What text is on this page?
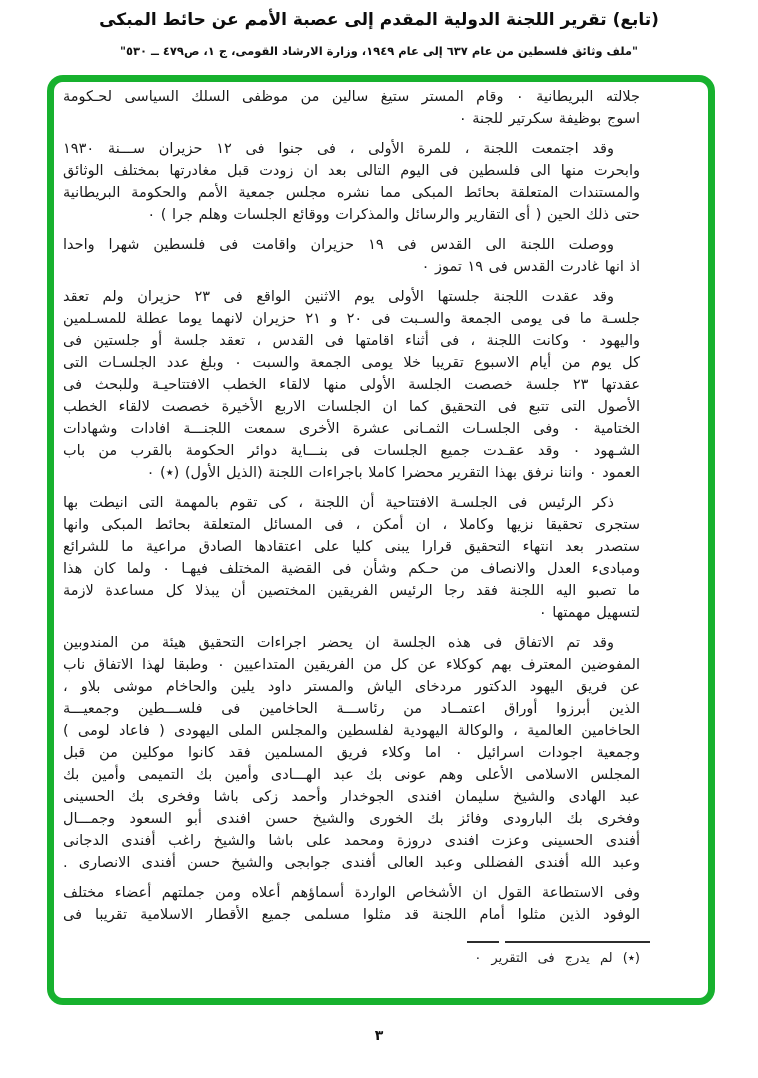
(تابع) تقرير اللجنة الدولية المقدم إلى عصبة الأمم عن حائط المبكى
"ملف وثائق فلسطين من عام ٦٣٧ إلى عام ١٩٤٩، وزارة الارشاد القومى، ج ١، ص٤٧٩ ــ ٥٣٠"
جلالته البريطانية ٠ وقام المستر ستيغ سالين من موظفى السلك السياسى لحـكومة
اسوج بوظيفة سكرتير للجنة ٠
وقد اجتمعت اللجنة ، للمرة الأولى ، فى جنوا فى ١٢ حزيران ســـنة ١٩٣٠
وابحرت منها الى فلسطين فى اليوم التالى بعد ان زودت قبل مغادرتها بمختلف الوثائق
والمستندات المتعلقة بحائط المبكى مما نشره مجلس جمعية الأمم والحكومة البريطانية
حتى ذلك الحين ( أى التقارير والرسائل والمذكرات ووقائع الجلسات وهلم جرا ) ٠
ووصلت اللجنة الى القدس فى ١٩ حزيران واقامت فى فلسطين شهرا واحدا
اذ انها غادرت القدس فى ١٩ تموز ٠
وقد عقدت اللجنة جلستها الأولى يوم الاثنين الواقع فى ٢٣ حزيران ولم تعقد
جلسـة ما فى يومى الجمعة والسـبت فى ٢٠ و ٢١ حزيران لانهما يوما عطلة للمسـلمين
واليهود ٠ وكانت اللجنة ، فى أثناء اقامتها فى القدس ، تعقد جلسة أو جلستين فى
كل يوم من أيام الاسبوع تقريبا خلا يومى الجمعة والسبت ٠ وبلغ عدد الجلسـات التى
عقدتها ٢٣ جلسة خصصت الجلسة الأولى منها لالقاء الخطب الافتتاحيـة وللبحث فى
الأصول التى تتبع فى التحقيق كما ان الجلسات الاربع الأخيرة خصصت لالقاء الخطب
الختامية ٠ وفى الجلسـات الثمـانى عشرة الأخرى سمعت اللجنـــة افادات وشهادات
الشـهود ٠ وقد عقـدت جميع الجلسات فى بنـــاية دوائر الحكومة بالقرب من باب
العمود ٠ واننا نرفق بهذا التقرير محضرا كاملا باجراءات اللجنة (الذيل الأول) (٭) ٠
ذكر الرئيس فى الجلسـة الافتتاحية أن اللجنة ، كى تقوم بالمهمة التى انيطت بها
ستجرى تحقيقا نزيها وكاملا ، ان أمكن ، فى المسائل المتعلقة بحائط المبكى وانها
ستصدر بعد انتهاء التحقيق قرارا يبنى كليا على اعتقادها الصادق مراعية ما للشرائع
ومبادىء العدل والانصاف من حـكم وشأن فى القضية المختلف فيهـا ٠ ولما كان هذا
ما تصبو اليه اللجنة فقد رجا الرئيس الفريقين المختصين أن يبذلا كل مساعدة لازمة
لتسهيل مهمتها ٠
وقد تم الاتفاق فى هذه الجلسة ان يحضر اجراءات التحقيق هيئة من المندوبين
المفوضين المعترف بهم كوكلاء عن كل من الفريقين المتداعيين ٠ وطبقا لهذا الاتفاق ناب
عن فريق اليهود الدكتور مردخاى الياش والمستر داود يلين والحاخام موشى بلاو ،
الذين أبرزوا أوراق اعتمــاد من رئاســـة الحاخامين فى فلســـطين وجمعيـــة
الحاخامين العالمية ، والوكالة اليهودية لفلسطين والمجلس الملى اليهودى ( فاعاد لومى )
وجمعية اجودات اسرائيل ٠ اما وكلاء فريق المسلمين فقد كانوا موكلين من قبل
المجلس الاسلامى الأعلى وهم عونى بك عبد الهـــادى وأمين بك التميمى وأمين بك
عبد الهادى والشيخ سليمان افندى الجوخدار وأحمد زكى باشا وفخرى بك الحسينى
وفخرى بك البارودى وفائز بك الخورى والشيخ حسن افندى أبو السعود وجمـــال
أفندى الحسينى وعزت افندى دروزة ومحمد على باشا والشيخ راغب أفندى الدجانى
وعبد الله أفندى الفضللى وعبد العالى أفندى جوابجى والشيخ حسن أفندى الانصارى .
وفى الاستطاعة القول ان الأشخاص الواردة أسماؤهم أعلاه ومن جملتهم أعضاء مختلف
الوفود الذين مثلوا أمام اللجنة قد مثلوا مسلمى جميع الأقطار الاسلامية تقريبا فى
(٭) لم يدرج فى التقرير ٠
٣
